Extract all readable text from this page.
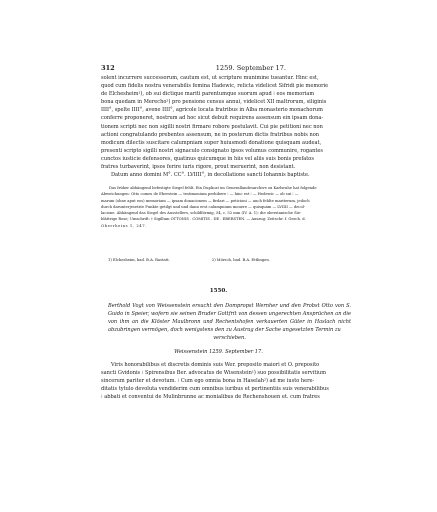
312	1259. September 17.

solent incurrere successorum, cautum est, ut scripture munimine tueantur. Hinc est,

quod cum fidelis nostra venerabilis femina Hadewic, relicta videlicet Sifridi pie memorie

de Elchesheim¹), ob sui dictique mariti parentumque suorum apud ⁝ eos memoriam

bona quedam in Merecho²) pro pensione census annui, videlicet XII maltrorum, siliginis

IIII°, spelte IIII°, avene IIII°, agricole locata fratribus in Alba monasterio monachorum

conferre proponeret, nostrum ad hoc sicut debuit requirens assensum ein ipsam dona-

tionem scripti nec non sigilli nostri firmare robore postulavit. Cui pie petitioni nec non

actioni congratulando prebentes assensum, ne in posterum dictis fratribus nobis non

modicum dilectis suscitare calumpniam super huiusmodi donatione quisquam audeat,

presenti scripto sigilli nostri signaculo consignato ipsos volumus communire, rogantes

cunctos iusticie defensores, quatinus quicumque in hiis vel aliis suis bonis prefatos

fratres turbaverint, ipsos ferire iuris rigore, prout meruerint, non desistant.

Datum anno domini M°. CC°. LVIIII°, in decollatione sancti Iohannis baptiste.

Das früher abhängend befestigte Siegel fehlt. Ein Duplicat im Generallandesarchive zu Karlsruhe hat folgende

Abweichungen: Otto comes de Eberstein — testimonium perhibere ⁝ — hinc est ⁝ — Hedewic — ob sui ⁝ —

marum (ohne aput eos) memoriam — ipsam donacionem — firdari — peticioni — auch fehlte mariterum, jedoch

durch darunterjesetzte Punkte getilgt und und dann erst calumpnium mouere — quisquam — LVIIII — decol-

lacione. Abhängend das Siegel des Ausstellers, schildförmig, 54, c. 52 mm (IV. A. 1): die oberstanische Sie-

blättrige Rose; Umschrift: † Sigillum OTTONIS . COMITIS . DE . EBERSTEN. — Auszug: Zeitschr. f. Gesch. d.

Oberrheins 1, 247.

1) Elchesheim, bad. B.A. Rastatt.	2) Mörsch, bad. B.A. Ettlingen.
1550.
Berthold Vogt von Weissenstein ersucht den Dompropst Wernher und den Probst Otto von S. Guido in Speier, wofern sie seinen Bruder Gottfrit von dessen ungerechten Ansprüchen an die von ihm an die Klöster Maulbronn und Rechentshofen verkauerten Güter in Haslach nicht abzubringen vermögen, doch wenigstens den zu Austrag der Sache angesetzten Termin zu
verschieben.
Weissenstein 1259. September 17.

Viris honorabilibus et discretis dominis suis Wer. preposito maiori et O. preposito

sancti Gvidonis ⁝ Spirensibus Ber. advocatus de Wisenstein¹) suo possibilitatis servitium

sincerum pariter et devotum. ⁝ Cum ego omnia bona in Haselah²) ad me iusto here-

ditatis tytulo devoluta vendiderim cum omnibus iuribus et pertinentiis suis venerabilibus

⁝ abbati et conventui de Mulinbrunne ac monialibus de Rechenshouen et. cum fratres
